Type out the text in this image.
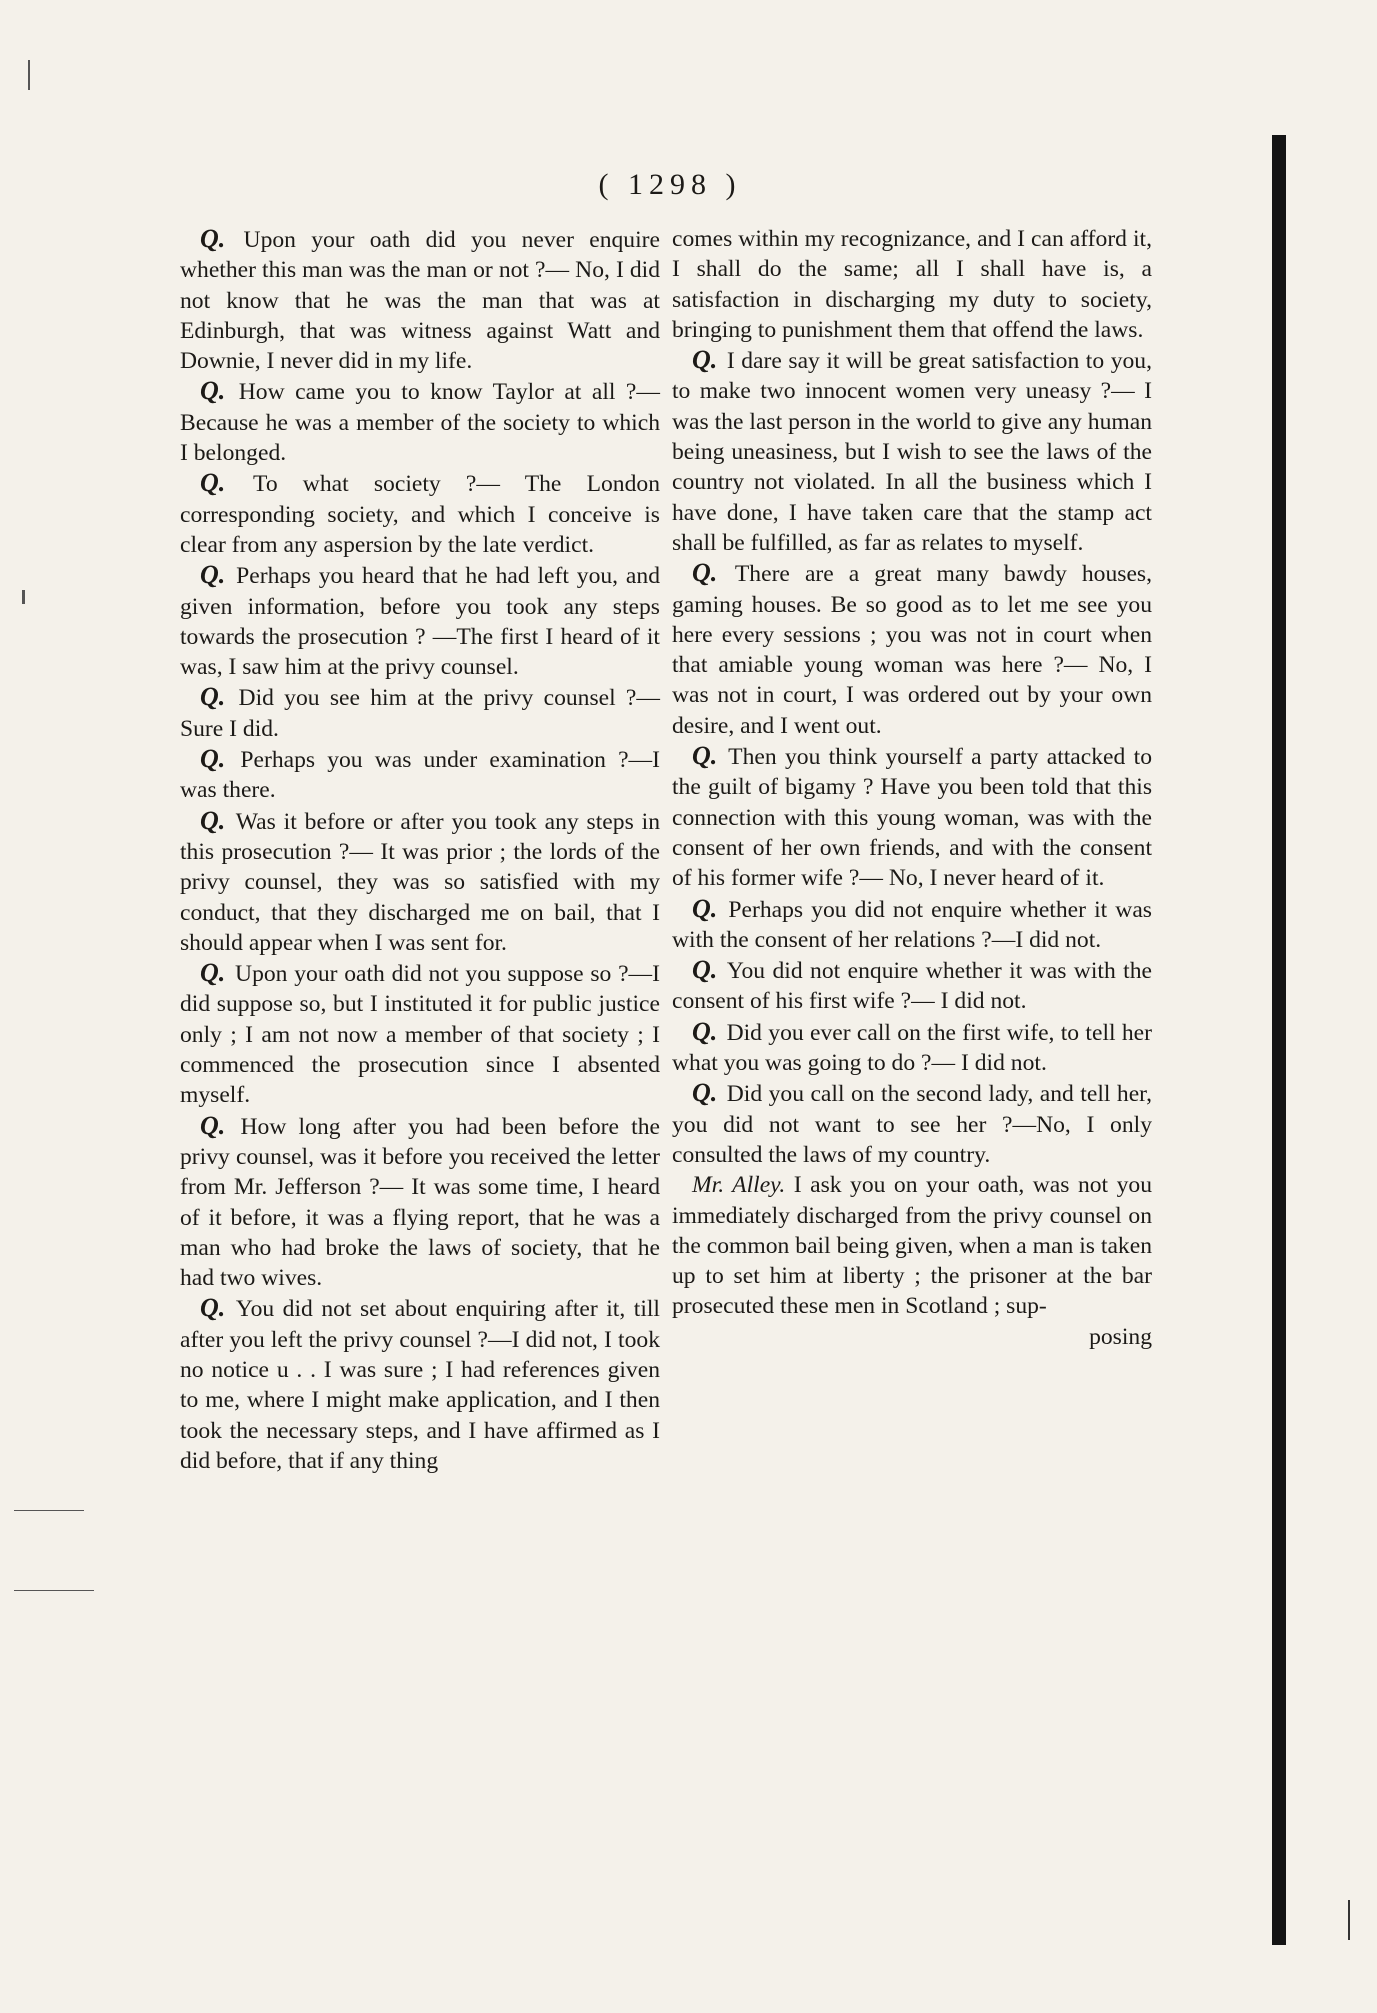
( 1298 )

Q. Upon your oath did you never enquire whether this man was the man or not ?— No, I did not know that he was the man that was at Edinburgh, that was witness against Watt and Downie, I never did in my life.

Q. How came you to know Taylor at all ?— Because he was a member of the society to which I belonged.

Q. To what society ?— The London corresponding society, and which I conceive is clear from any aspersion by the late verdict.

Q. Perhaps you heard that he had left you, and given information, before you took any steps towards the prosecution ? —The first I heard of it was, I saw him at the privy counsel.

Q. Did you see him at the privy counsel ?—Sure I did.

Q. Perhaps you was under examination ?—I was there.

Q. Was it before or after you took any steps in this prosecution ?— It was prior ; the lords of the privy counsel, they was so satisfied with my conduct, that they discharged me on bail, that I should appear when I was sent for.

Q. Upon your oath did not you suppose so ?—I did suppose so, but I instituted it for public justice only ; I am not now a member of that society ; I commenced the prosecution since I absented myself.

Q. How long after you had been before the privy counsel, was it before you received the letter from Mr. Jefferson ?— It was some time, I heard of it before, it was a flying report, that he was a man who had broke the laws of society, that he had two wives.

Q. You did not set about enquiring after it, till after you left the privy counsel ?—I did not, I took no notice u . . I was sure ; I had references given to me, where I might make application, and I then took the necessary steps, and I have affirmed as I did before, that if any thing

comes within my recognizance, and I can afford it, I shall do the same; all I shall have is, a satisfaction in discharging my duty to society, bringing to punishment them that offend the laws.

Q. I dare say it will be great satisfaction to you, to make two innocent women very uneasy ?— I was the last person in the world to give any human being uneasiness, but I wish to see the laws of the country not violated. In all the business which I have done, I have taken care that the stamp act shall be fulfilled, as far as relates to myself.

Q. There are a great many bawdy houses, gaming houses. Be so good as to let me see you here every sessions ; you was not in court when that amiable young woman was here ?— No, I was not in court, I was ordered out by your own desire, and I went out.

Q. Then you think yourself a party attacked to the guilt of bigamy ? Have you been told that this connection with this young woman, was with the consent of her own friends, and with the consent of his former wife ?— No, I never heard of it.

Q. Perhaps you did not enquire whether it was with the consent of her relations ?—I did not.

Q. You did not enquire whether it was with the consent of his first wife ?— I did not.

Q. Did you ever call on the first wife, to tell her what you was going to do ?— I did not.

Q. Did you call on the second lady, and tell her, you did not want to see her ?—No, I only consulted the laws of my country.

Mr. Alley. I ask you on your oath, was not you immediately discharged from the privy counsel on the common bail being given, when a man is taken up to set him at liberty ; the prisoner at the bar prosecuted these men in Scotland ; sup-

posing
